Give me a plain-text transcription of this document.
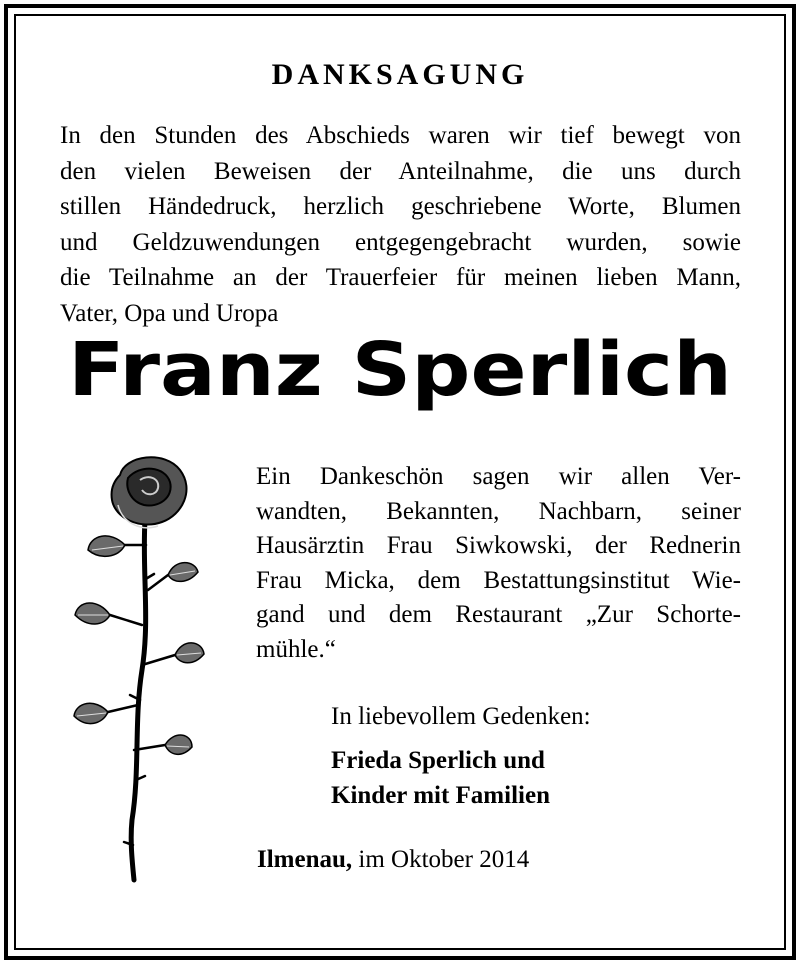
DANKSAGUNG
In den Stunden des Abschieds waren wir tief bewegt von
den vielen Beweisen der Anteilnahme, die uns durch
stillen Händedruck, herzlich geschriebene Worte, Blumen
und Geldzuwendungen entgegengebracht wurden, sowie
die Teilnahme an der Trauerfeier für meinen lieben Mann,
Vater, Opa und Uropa
Franz Sperlich
Ein Dankeschön sagen wir allen Ver-
wandten, Bekannten, Nachbarn, seiner
Hausärztin Frau Siwkowski, der Rednerin
Frau Micka, dem Bestattungsinstitut Wie-
gand und dem Restaurant „Zur Schorte-
mühle.“
In liebevollem Gedenken:
Frieda Sperlich und
Kinder mit Familien
Ilmenau, im Oktober 2014
